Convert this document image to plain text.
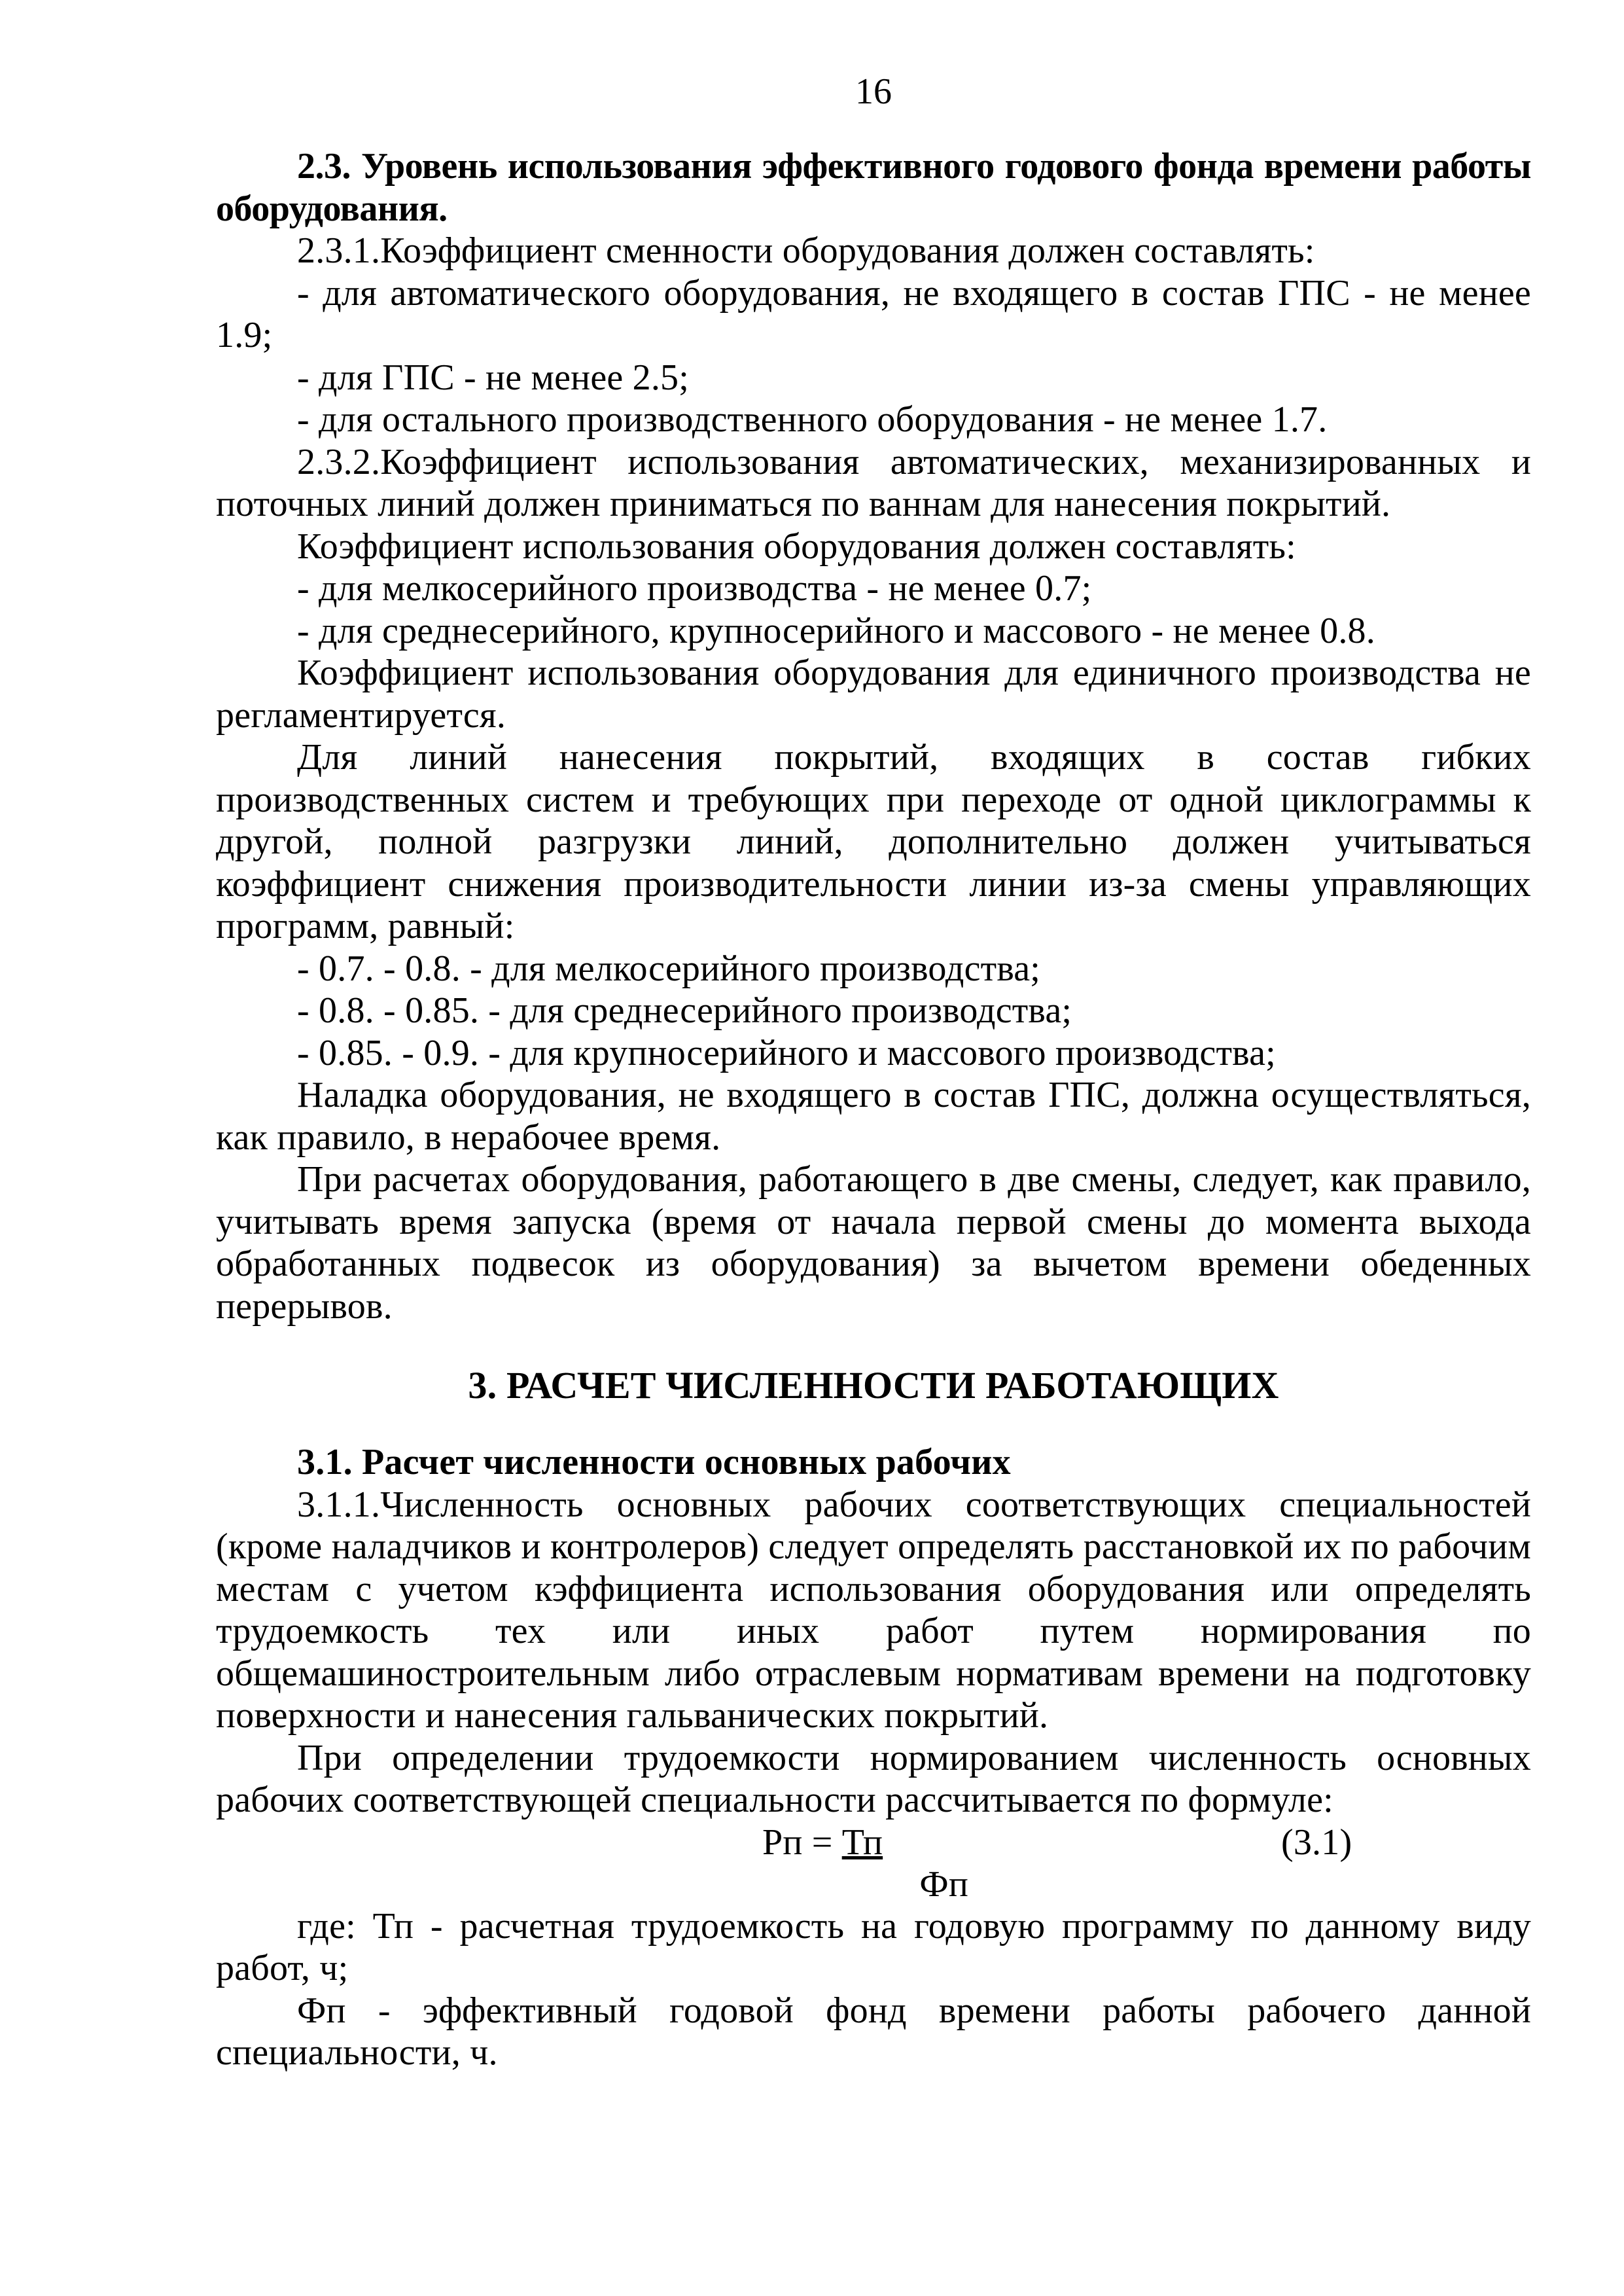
16

2.3. Уровень использования эффективного годового фонда времени работы оборудования.

2.3.1.Коэффициент сменности оборудования должен составлять:

- для автоматического оборудования, не входящего в состав ГПС - не менее 1.9;

- для ГПС - не менее 2.5;

- для остального производственного оборудования - не менее 1.7.

2.3.2.Коэффициент использования автоматических, механизированных и поточных линий должен приниматься по ваннам для нанесения покрытий.

Коэффициент использования оборудования должен составлять:

- для мелкосерийного производства - не менее 0.7;

- для среднесерийного, крупносерийного и массового - не менее 0.8.

Коэффициент использования оборудования для единичного производства не регламентируется.

Для линий нанесения покрытий, входящих в состав гибких производственных систем и требующих при переходе от одной циклограммы к другой, полной разгрузки линий, дополнительно должен учитываться коэффициент снижения производительности линии из-за смены управляющих программ, равный:

- 0.7. - 0.8. - для мелкосерийного производства;

- 0.8. - 0.85. - для среднесерийного производства;

- 0.85. - 0.9. - для крупносерийного и массового производства;

Наладка оборудования, не входящего в состав ГПС, должна осуществляться, как правило, в нерабочее время.

При расчетах оборудования, работающего в две смены, следует, как правило, учитывать время запуска (время от начала первой смены до момента выхода обработанных подвесок из оборудования) за вычетом времени обеденных перерывов.

3. РАСЧЕТ ЧИСЛЕННОСТИ РАБОТАЮЩИХ

3.1. Расчет численности основных рабочих

3.1.1.Численность основных рабочих соответствующих специальностей (кроме наладчиков и контролеров) следует определять расстановкой их по рабочим местам с учетом кэффициента использования оборудования или определять трудоемкость тех или иных работ путем нормирования по общемашиностроительным либо отраслевым нормативам времени на подготовку поверхности и нанесения гальванических покрытий.

При определении трудоемкости нормированием численность основных рабочих соответствующей специальности рассчитывается по формуле:

Рп = Тп
Фп
(3.1)

где: Тп - расчетная трудоемкость на годовую программу по данному виду работ, ч;

Фп - эффективный годовой фонд времени работы рабочего данной специальности, ч.
